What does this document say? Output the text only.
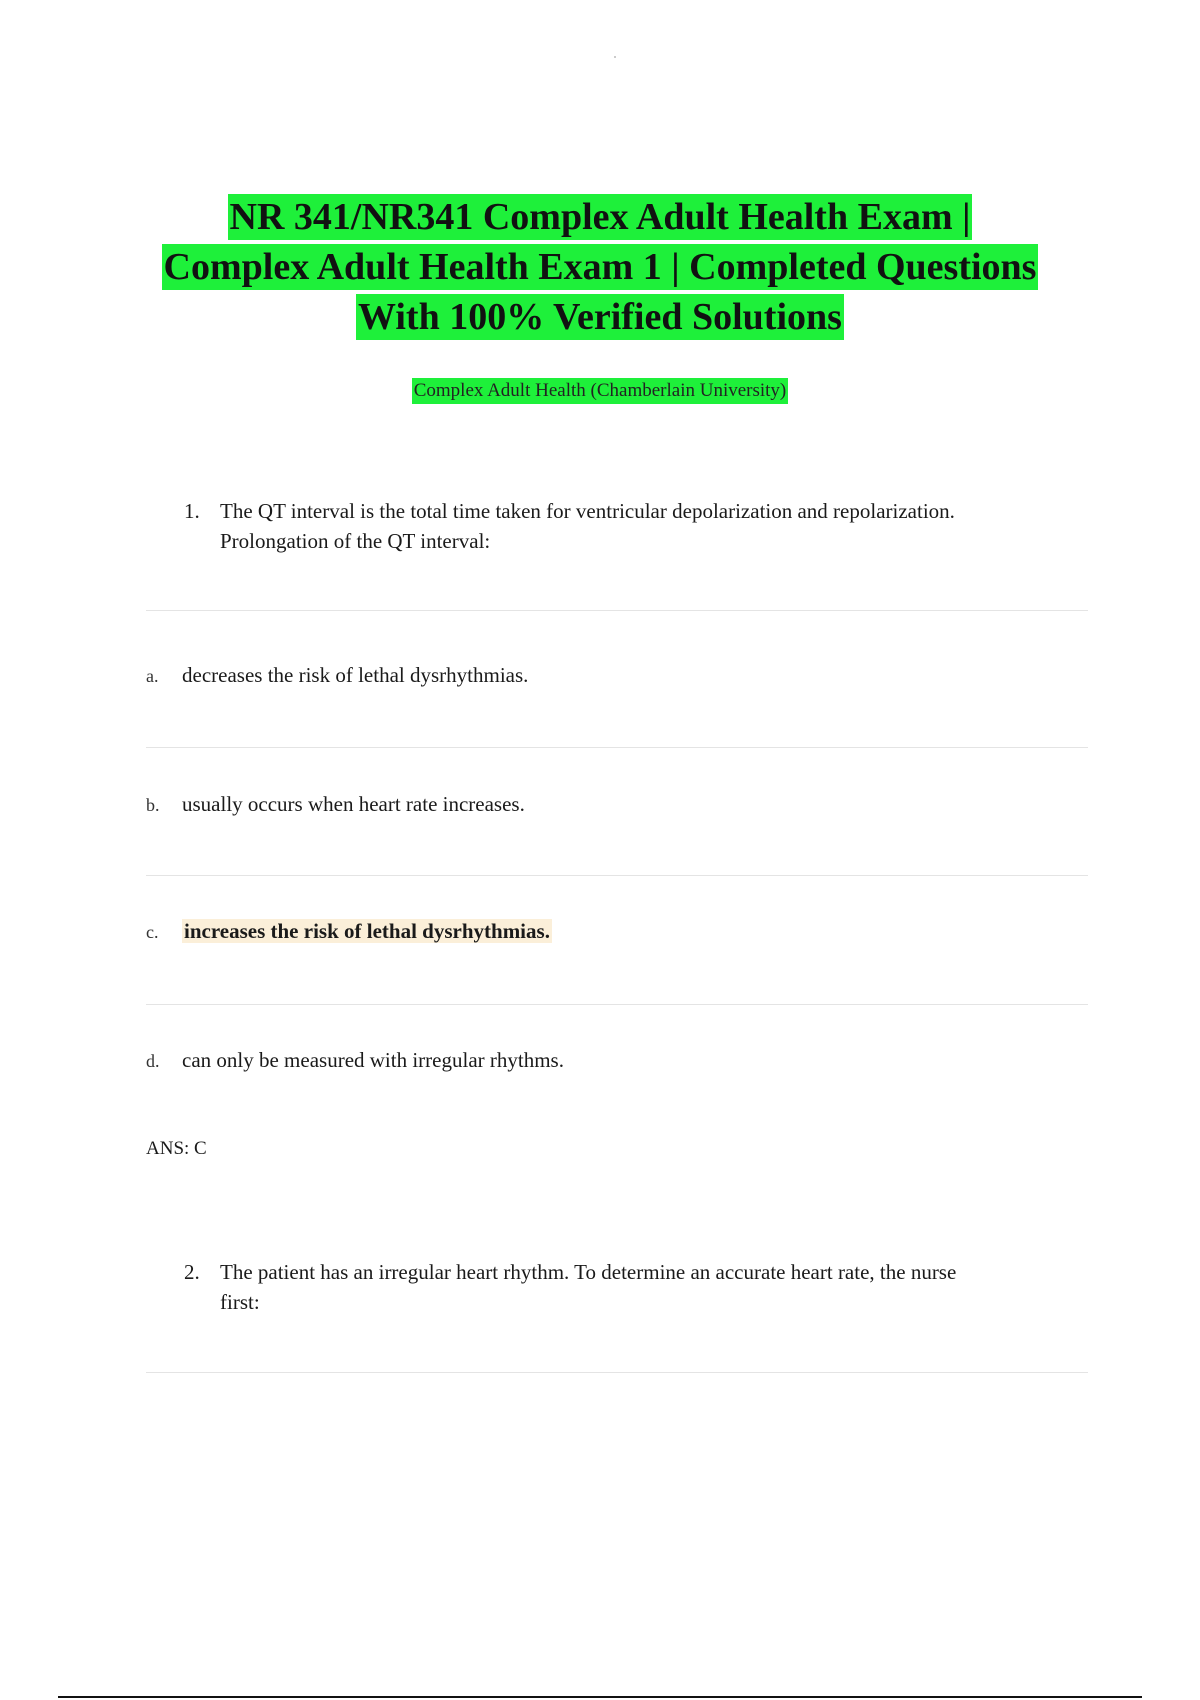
NR 341/NR341 Complex Adult Health Exam |
Complex Adult Health Exam 1 | Completed Questions
With 100% Verified Solutions
Complex Adult Health (Chamberlain University)
1. The QT interval is the total time taken for ventricular depolarization and repolarization.
Prolongation of the QT interval:
a. decreases the risk of lethal dysrhythmias.
b. usually occurs when heart rate increases.
c. increases the risk of lethal dysrhythmias.
d. can only be measured with irregular rhythms.
ANS: C
2. The patient has an irregular heart rhythm. To determine an accurate heart rate, the nurse
first:
